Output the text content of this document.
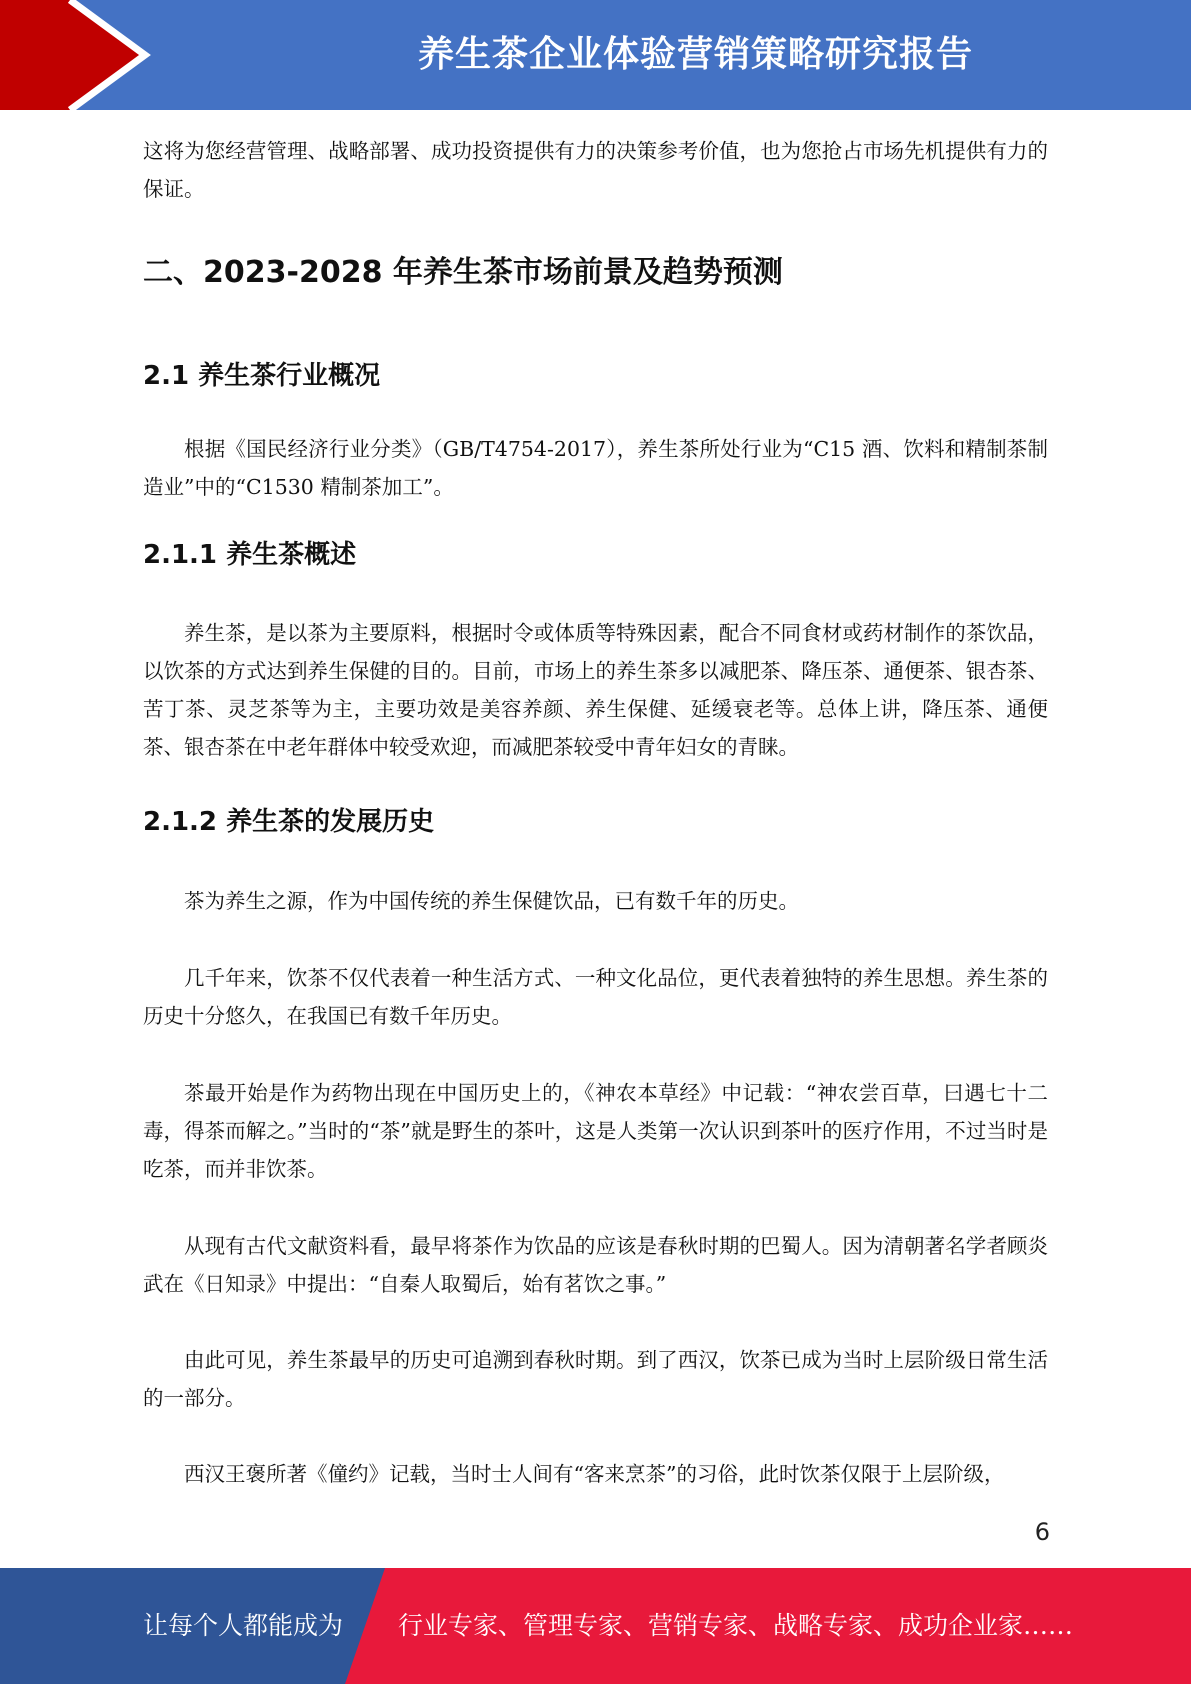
养生茶企业体验营销策略研究报告

这将为您经营管理、战略部署、成功投资提供有力的决策参考价值，也为您抢占市场先机提供有力的保证。

二、2023-2028 年养生茶市场前景及趋势预测
2.1 养生茶行业概况

根据《国民经济行业分类》（GB/T4754-2017），养生茶所处行业为“C15 酒、饮料和精制茶制造业”中的“C1530 精制茶加工”。

2.1.1 养生茶概述

养生茶，是以茶为主要原料，根据时令或体质等特殊因素，配合不同食材或药材制作的茶饮品，以饮茶的方式达到养生保健的目的。目前，市场上的养生茶多以减肥茶、降压茶、通便茶、银杏茶、苦丁茶、灵芝茶等为主，主要功效是美容养颜、养生保健、延缓衰老等。总体上讲，降压茶、通便茶、银杏茶在中老年群体中较受欢迎，而减肥茶较受中青年妇女的青睐。

2.1.2 养生茶的发展历史

茶为养生之源，作为中国传统的养生保健饮品，已有数千年的历史。

几千年来，饮茶不仅代表着一种生活方式、一种文化品位，更代表着独特的养生思想。养生茶的历史十分悠久，在我国已有数千年历史。

茶最开始是作为药物出现在中国历史上的，《神农本草经》中记载：“神农尝百草，曰遇七十二毒，得茶而解之。”当时的“茶”就是野生的茶叶，这是人类第一次认识到茶叶的医疗作用，不过当时是吃茶，而并非饮茶。

从现有古代文献资料看，最早将茶作为饮品的应该是春秋时期的巴蜀人。因为清朝著名学者顾炎武在《日知录》中提出：“自秦人取蜀后，始有茗饮之事。”

由此可见，养生茶最早的历史可追溯到春秋时期。到了西汉，饮茶已成为当时上层阶级日常生活的一部分。

西汉王褒所著《僮约》记载，当时士人间有“客来烹茶”的习俗，此时饮茶仅限于上层阶级，

6
让每个人都能成为 行业专家、管理专家、营销专家、战略专家、成功企业家……
